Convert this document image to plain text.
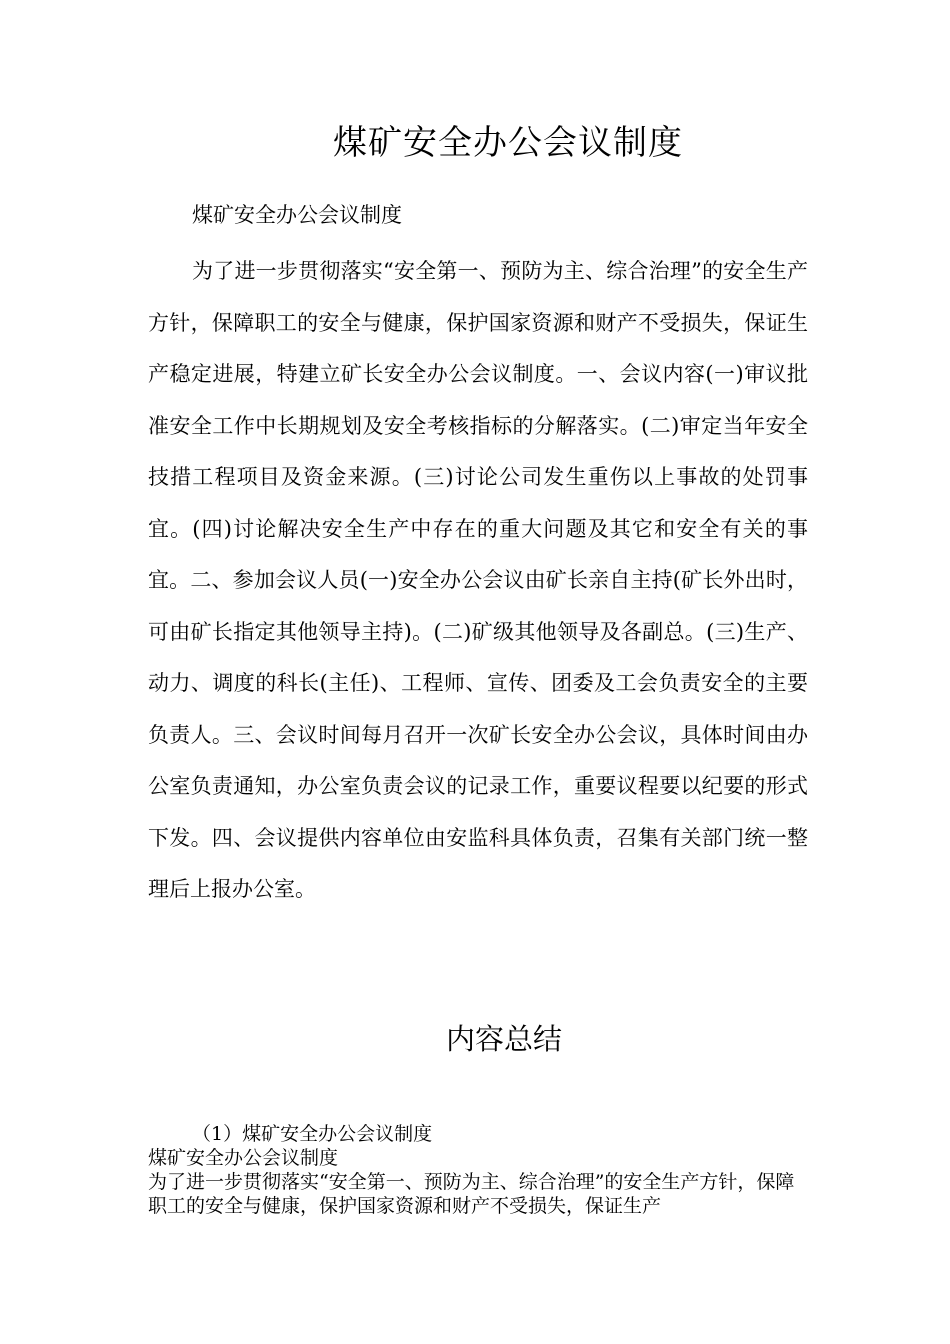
煤矿安全办公会议制度

煤矿安全办公会议制度

为了进一步贯彻落实“安全第一、预防为主、综合治理”的安全生产方针，保障职工的安全与健康，保护国家资源和财产不受损失，保证生产稳定进展，特建立矿长安全办公会议制度。一、会议内容(一)审议批准安全工作中长期规划及安全考核指标的分解落实。(二)审定当年安全技措工程项目及资金来源。(三)讨论公司发生重伤以上事故的处罚事宜。(四)讨论解决安全生产中存在的重大问题及其它和安全有关的事宜。二、参加会议人员(一)安全办公会议由矿长亲自主持(矿长外出时，可由矿长指定其他领导主持)。(二)矿级其他领导及各副总。(三)生产、动力、调度的科长(主任)、工程师、宣传、团委及工会负责安全的主要负责人。三、会议时间每月召开一次矿长安全办公会议，具体时间由办公室负责通知，办公室负责会议的记录工作，重要议程要以纪要的形式下发。四、会议提供内容单位由安监科具体负责，召集有关部门统一整理后上报办公室。

内容总结

（1）煤矿安全办公会议制度

煤矿安全办公会议制度

为了进一步贯彻落实“安全第一、预防为主、综合治理”的安全生产方针，保障职工的安全与健康，保护国家资源和财产不受损失，保证生产
